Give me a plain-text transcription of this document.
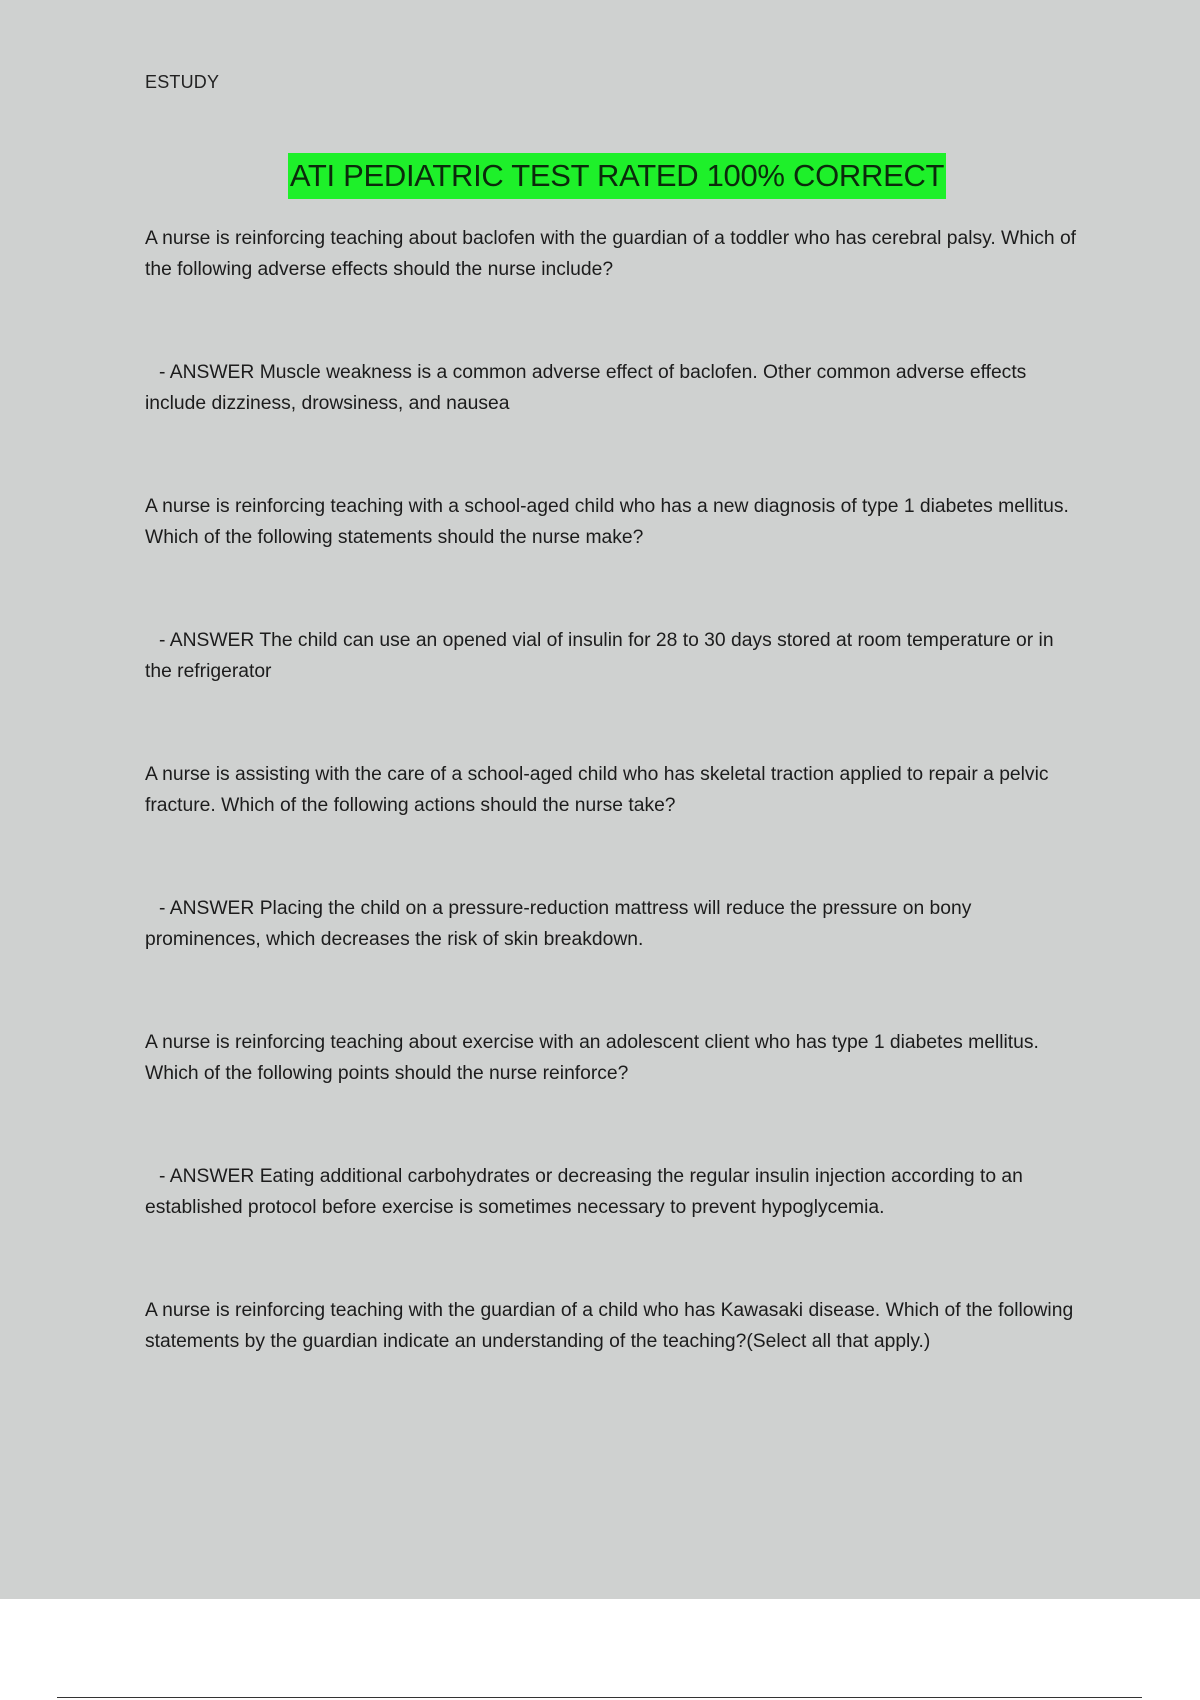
ESTUDY
ATI PEDIATRIC TEST RATED 100% CORRECT

A nurse is reinforcing teaching about baclofen with the guardian of a toddler who has cerebral palsy. Which of the following adverse effects should the nurse include?

- ANSWER Muscle weakness is a common adverse effect of baclofen. Other common adverse effects include dizziness, drowsiness, and nausea

A nurse is reinforcing teaching with a school-aged child who has a new diagnosis of type 1 diabetes mellitus. Which of the following statements should the nurse make?

- ANSWER The child can use an opened vial of insulin for 28 to 30 days stored at room temperature or in the refrigerator

A nurse is assisting with the care of a school-aged child who has skeletal traction applied to repair a pelvic fracture. Which of the following actions should the nurse take?

- ANSWER Placing the child on a pressure-reduction mattress will reduce the pressure on bony prominences, which decreases the risk of skin breakdown.

A nurse is reinforcing teaching about exercise with an adolescent client who has type 1 diabetes mellitus. Which of the following points should the nurse reinforce?

- ANSWER Eating additional carbohydrates or decreasing the regular insulin injection according to an established protocol before exercise is sometimes necessary to prevent hypoglycemia.

A nurse is reinforcing teaching with the guardian of a child who has Kawasaki disease. Which of the following statements by the guardian indicate an understanding of the teaching?(Select all that apply.)
